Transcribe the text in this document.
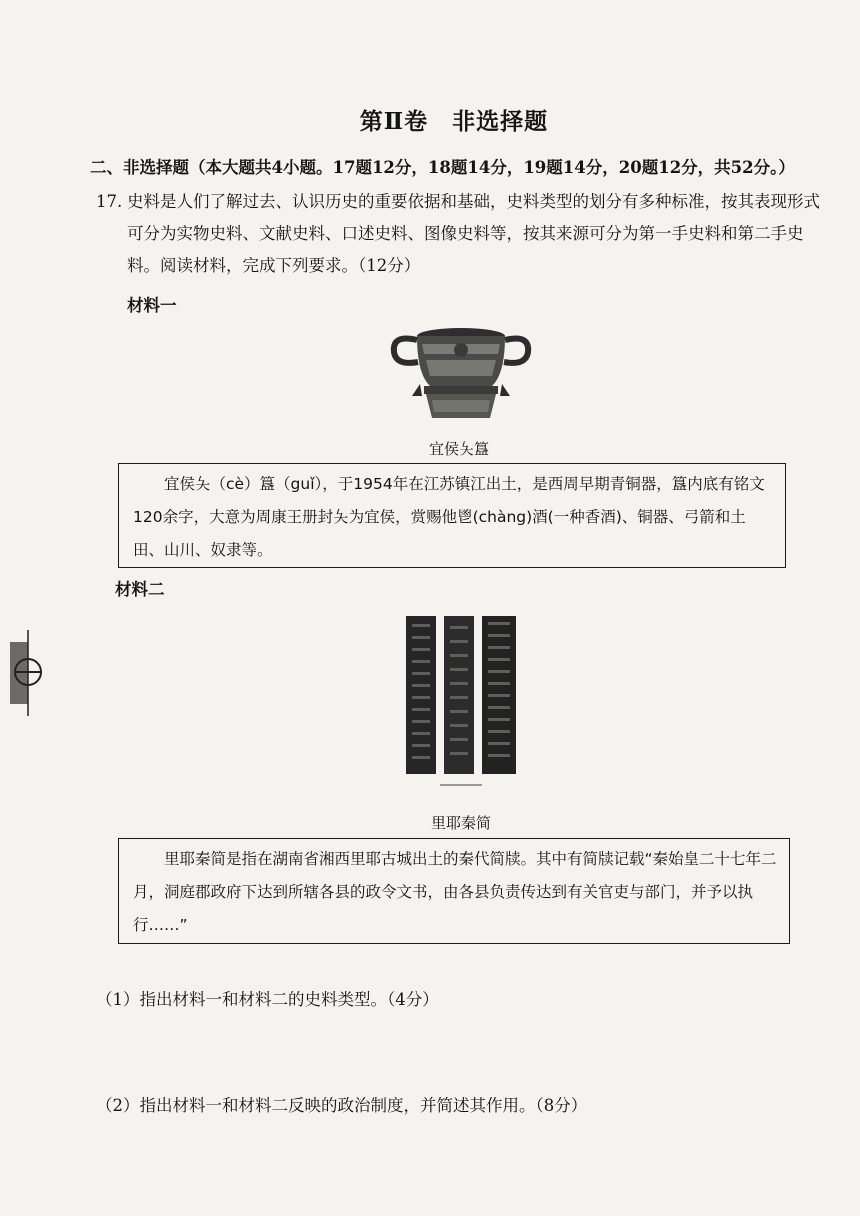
第Ⅱ卷　非选择题
二、非选择题（本大题共4小题。17题12分，18题14分，19题14分，20题12分，共52分。）
17. 史料是人们了解过去、认识历史的重要依据和基础，史料类型的划分有多种标准，按其表现形式可分为实物史料、文献史料、口述史料、图像史料等，按其来源可分为第一手史料和第二手史料。阅读材料，完成下列要求。（12分）
材料一
宜侯夨簋
宜侯夨（cè）簋（guǐ），于1954年在江苏镇江出土，是西周早期青铜器，簋内底有铭文120余字，大意为周康王册封夨为宜侯，赏赐他鬯(chàng)酒(一种香酒)、铜器、弓箭和土田、山川、奴隶等。
材料二
里耶秦简
里耶秦简是指在湖南省湘西里耶古城出土的秦代简牍。其中有简牍记载“秦始皇二十七年二月，洞庭郡政府下达到所辖各县的政令文书，由各县负责传达到有关官吏与部门，并予以执行……”
（1）指出材料一和材料二的史料类型。（4分）
（2）指出材料一和材料二反映的政治制度，并简述其作用。（8分）
